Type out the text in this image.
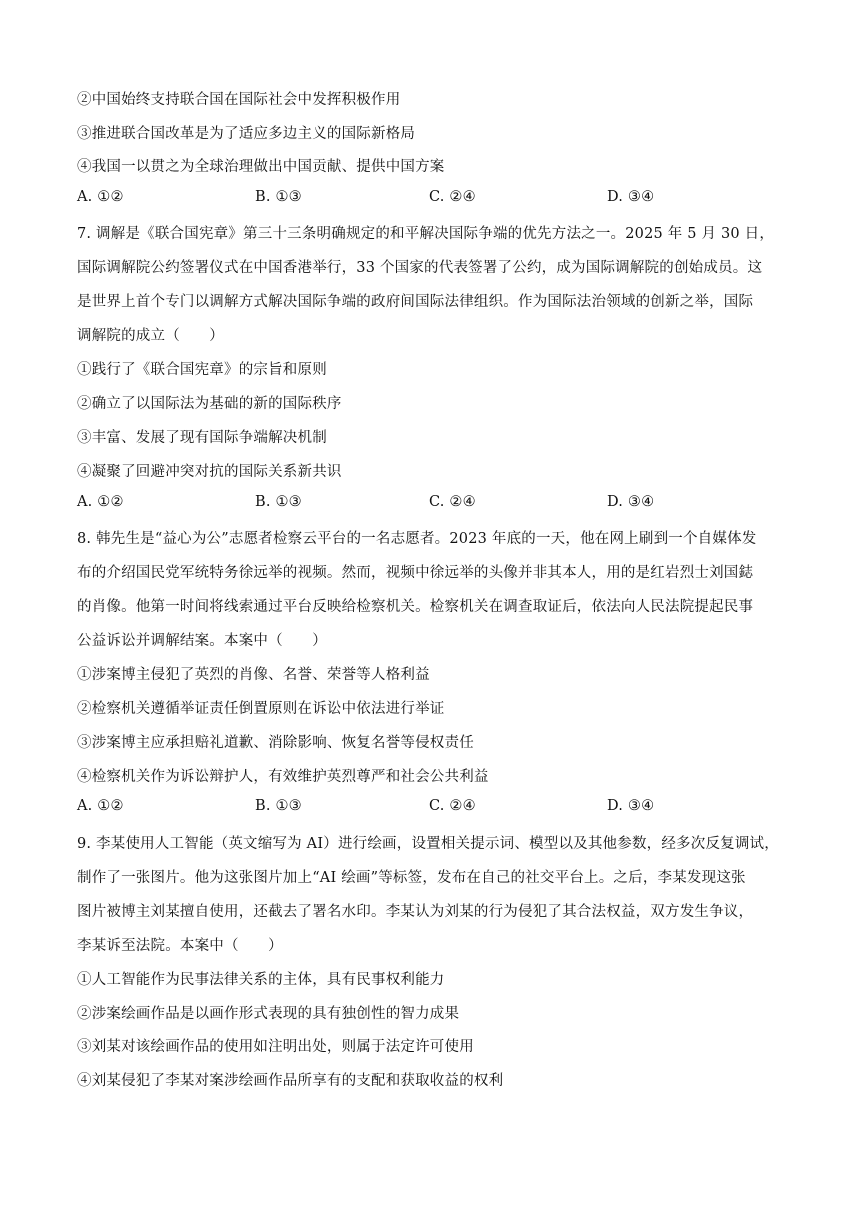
②中国始终支持联合国在国际社会中发挥积极作用
③推进联合国改革是为了适应多边主义的国际新格局
④我国一以贯之为全球治理做出中国贡献、提供中国方案
A. ①②	B. ①③	C. ②④	D. ③④
7. 调解是《联合国宪章》第三十三条明确规定的和平解决国际争端的优先方法之一。2025 年 5 月 30 日，
国际调解院公约签署仪式在中国香港举行，33 个国家的代表签署了公约，成为国际调解院的创始成员。这
是世界上首个专门以调解方式解决国际争端的政府间国际法律组织。作为国际法治领域的创新之举，国际
调解院的成立（　　）
①践行了《联合国宪章》的宗旨和原则
②确立了以国际法为基础的新的国际秩序
③丰富、发展了现有国际争端解决机制
④凝聚了回避冲突对抗的国际关系新共识
A. ①②	B. ①③	C. ②④	D. ③④
8. 韩先生是“益心为公”志愿者检察云平台的一名志愿者。2023 年底的一天，他在网上刷到一个自媒体发
布的介绍国民党军统特务徐远举的视频。然而，视频中徐远举的头像并非其本人，用的是红岩烈士刘国鋕
的肖像。他第一时间将线索通过平台反映给检察机关。检察机关在调查取证后，依法向人民法院提起民事
公益诉讼并调解结案。本案中（　　）
①涉案博主侵犯了英烈的肖像、名誉、荣誉等人格利益
②检察机关遵循举证责任倒置原则在诉讼中依法进行举证
③涉案博主应承担赔礼道歉、消除影响、恢复名誉等侵权责任
④检察机关作为诉讼辩护人，有效维护英烈尊严和社会公共利益
A. ①②	B. ①③	C. ②④	D. ③④
9. 李某使用人工智能（英文缩写为 AI）进行绘画，设置相关提示词、模型以及其他参数，经多次反复调试，
制作了一张图片。他为这张图片加上“AI 绘画”等标签，发布在自己的社交平台上。之后，李某发现这张
图片被博主刘某擅自使用，还截去了署名水印。李某认为刘某的行为侵犯了其合法权益，双方发生争议，
李某诉至法院。本案中（　　）
①人工智能作为民事法律关系的主体，具有民事权利能力
②涉案绘画作品是以画作形式表现的具有独创性的智力成果
③刘某对该绘画作品的使用如注明出处，则属于法定许可使用
④刘某侵犯了李某对案涉绘画作品所享有的支配和获取收益的权利
